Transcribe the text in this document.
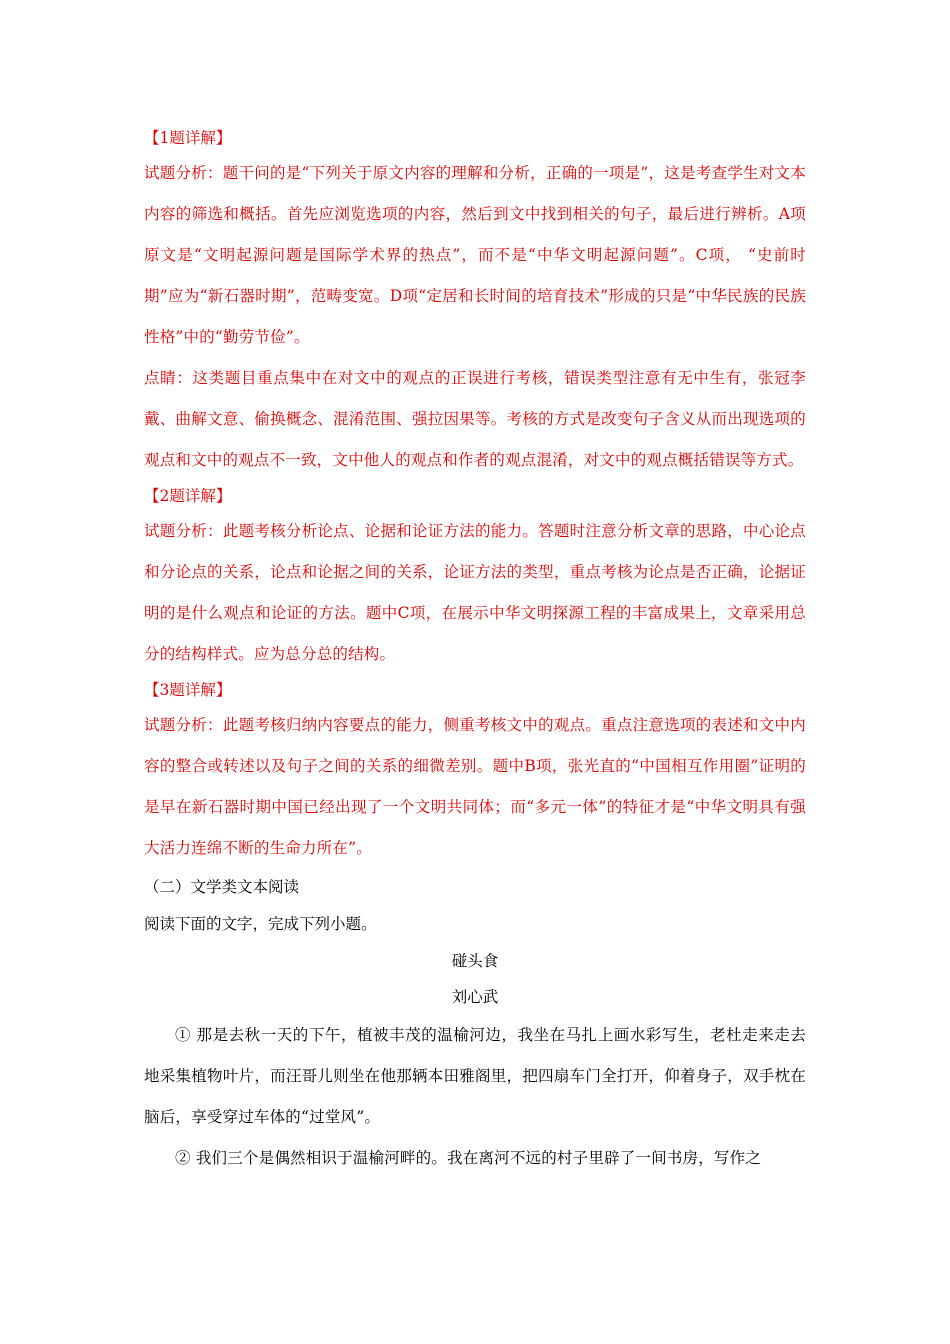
【1题详解】

试题分析：题干问的是“下列关于原文内容的理解和分析，正确的一项是”，这是考查学生对文本内容的筛选和概括。首先应浏览选项的内容，然后到文中找到相关的句子，最后进行辨析。A项原文是“文明起源问题是国际学术界的热点”，而不是“中华文明起源问题”。C项， “史前时期”应为“新石器时期”，范畴变宽。D项“定居和长时间的培育技术”形成的只是“中华民族的民族性格”中的“勤劳节俭”。

点睛：这类题目重点集中在对文中的观点的正误进行考核，错误类型注意有无中生有，张冠李戴、曲解文意、偷换概念、混淆范围、强拉因果等。考核的方式是改变句子含义从而出现选项的观点和文中的观点不一致，文中他人的观点和作者的观点混淆，对文中的观点概括错误等方式。

【2题详解】

试题分析：此题考核分析论点、论据和论证方法的能力。答题时注意分析文章的思路，中心论点和分论点的关系，论点和论据之间的关系，论证方法的类型，重点考核为论点是否正确，论据证明的是什么观点和论证的方法。题中C项，在展示中华文明探源工程的丰富成果上，文章采用总分的结构样式。应为总分总的结构。

【3题详解】

试题分析：此题考核归纳内容要点的能力，侧重考核文中的观点。重点注意选项的表述和文中内容的整合或转述以及句子之间的关系的细微差别。题中B项，张光直的“中国相互作用圈”证明的是早在新石器时期中国已经出现了一个文明共同体；而“多元一体”的特征才是“中华文明具有强大活力连绵不断的生命力所在”。

（二）文学类文本阅读

阅读下面的文字，完成下列小题。

碰头食

刘心武

① 那是去秋一天的下午，植被丰茂的温榆河边，我坐在马扎上画水彩写生，老杜走来走去地采集植物叶片，而汪哥儿则坐在他那辆本田雅阁里，把四扇车门全打开，仰着身子，双手枕在脑后，享受穿过车体的“过堂风”。

② 我们三个是偶然相识于温榆河畔的。我在离河不远的村子里辟了一间书房，写作之
